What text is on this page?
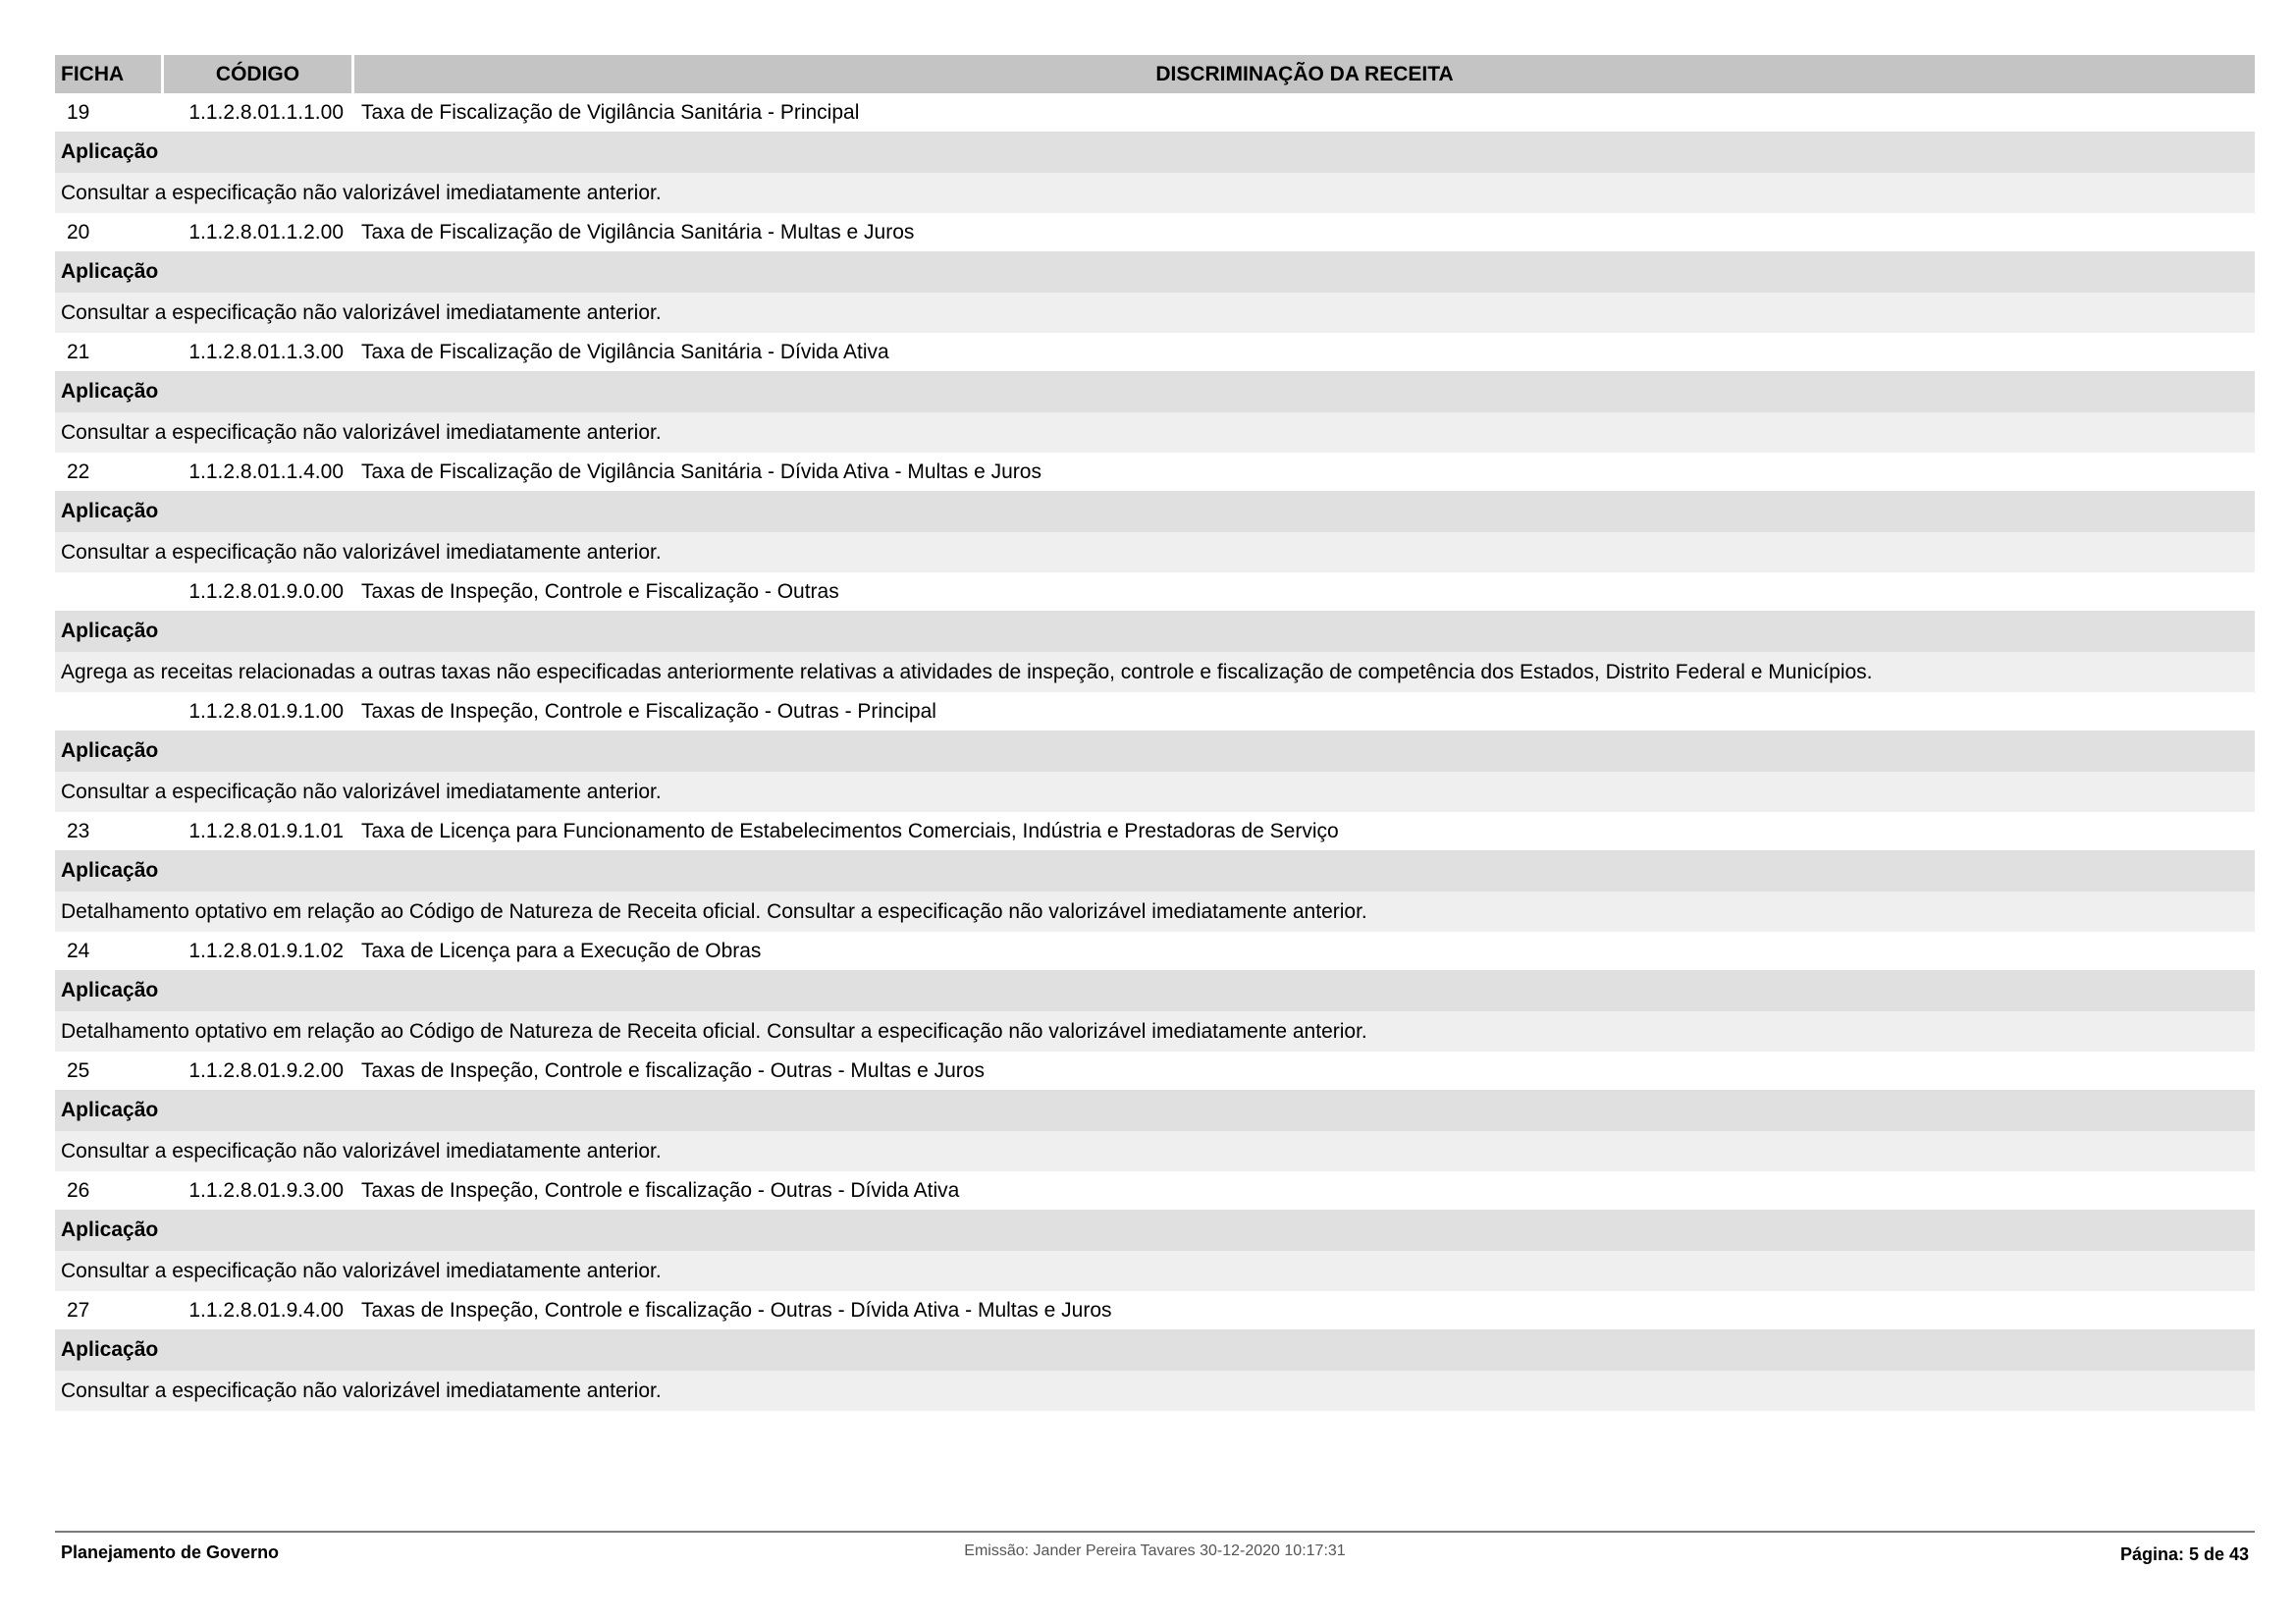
FICHA	CÓDIGO	DISCRIMINAÇÃO DA RECEITA
19	1.1.2.8.01.1.1.00 Taxa de Fiscalização de Vigilância Sanitária - Principal
Aplicação
Consultar a especificação não valorizável imediatamente anterior.
20	1.1.2.8.01.1.2.00 Taxa de Fiscalização de Vigilância Sanitária - Multas e Juros
Aplicação
Consultar a especificação não valorizável imediatamente anterior.
21	1.1.2.8.01.1.3.00 Taxa de Fiscalização de Vigilância Sanitária - Dívida Ativa
Aplicação
Consultar a especificação não valorizável imediatamente anterior.
22	1.1.2.8.01.1.4.00 Taxa de Fiscalização de Vigilância Sanitária - Dívida Ativa - Multas e Juros
Aplicação
Consultar a especificação não valorizável imediatamente anterior.
1.1.2.8.01.9.0.00 Taxas de Inspeção, Controle e Fiscalização - Outras
Aplicação
Agrega as receitas relacionadas a outras taxas não especificadas anteriormente relativas a atividades de inspeção, controle e fiscalização de competência dos Estados, Distrito Federal e Municípios.
1.1.2.8.01.9.1.00 Taxas de Inspeção, Controle e Fiscalização - Outras - Principal
Aplicação
Consultar a especificação não valorizável imediatamente anterior.
23	1.1.2.8.01.9.1.01 Taxa de Licença para Funcionamento de Estabelecimentos Comerciais, Indústria e Prestadoras de Serviço
Aplicação
Detalhamento optativo em relação ao Código de Natureza de Receita oficial. Consultar a especificação não valorizável imediatamente anterior.
24	1.1.2.8.01.9.1.02 Taxa de Licença para a Execução de Obras
Aplicação
Detalhamento optativo em relação ao Código de Natureza de Receita oficial. Consultar a especificação não valorizável imediatamente anterior.
25	1.1.2.8.01.9.2.00 Taxas de Inspeção, Controle e fiscalização - Outras - Multas e Juros
Aplicação
Consultar a especificação não valorizável imediatamente anterior.
26	1.1.2.8.01.9.3.00 Taxas de Inspeção, Controle e fiscalização - Outras - Dívida Ativa
Aplicação
Consultar a especificação não valorizável imediatamente anterior.
27	1.1.2.8.01.9.4.00 Taxas de Inspeção, Controle e fiscalização - Outras - Dívida Ativa - Multas e Juros
Aplicação
Consultar a especificação não valorizável imediatamente anterior.
Planejamento de Governo	Emissão: Jander Pereira Tavares 30-12-2020 10:17:31	Página: 5 de 43
